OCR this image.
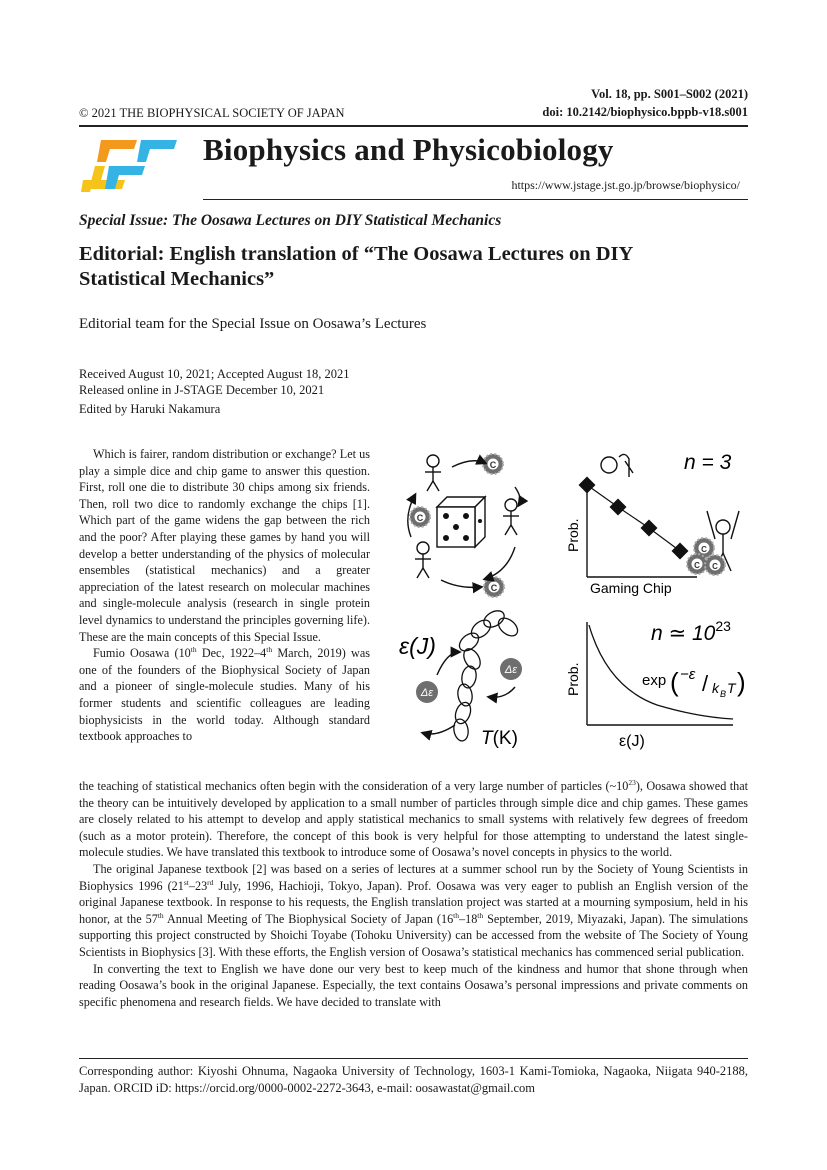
© 2021 THE BIOPHYSICAL SOCIETY OF JAPAN
Vol. 18, pp. S001–S002 (2021)
doi: 10.2142/biophysico.bppb-v18.s001
Biophysics and Physicobiology
https://www.jstage.jst.go.jp/browse/biophysico/
Special Issue: The Oosawa Lectures on DIY Statistical Mechanics
Editorial: English translation of “The Oosawa Lectures on DIY
Statistical Mechanics”
Editorial team for the Special Issue on Oosawa’s Lectures
Received August 10, 2021; Accepted August 18, 2021
Released online in J-STAGE December 10, 2021
Edited by Haruki Nakamura

Which is fairer, random distribution or exchange? Let us play a simple dice and chip game to answer this question. First, roll one die to distribute 30 chips among six friends. Then, roll two dice to randomly exchange the chips [1]. Which part of the game widens the gap between the rich and the poor? After playing these games by hand you will develop a better understanding of the physics of molecular ensembles (statistical mechanics) and a greater appreciation of the latest research on molecular machines and single-molecule analysis (research in single protein level dynamics to understand the principles governing life). These are the main concepts of this Special Issue.

Fumio Oosawa (10th Dec, 1922–4th March, 2019) was one of the founders of the Biophysical Society of Japan and a pioneer of single-molecule studies. Many of his former students and scientific colleagues are leading biophysicists in the world today. Although standard textbook approaches to

C
C
C
n = 3
Prob.
Gaming Chip
C
C C
ε(J)
Δε
Δε
T(K)
n ≃ $10^{23}$
Prob.	exp ( −ε / k B T )
ε(J)

the teaching of statistical mechanics often begin with the consideration of a very large number of particles $(\sim 10^{23})$, Oosawa showed that the theory can be intuitively developed by application to a small number of particles through simple dice and chip games. These games are closely related to his attempt to develop and apply statistical mechanics to small systems with relatively few degrees of freedom (such as a motor protein). Therefore, the concept of this book is very helpful for those attempting to understand the latest single-molecule studies. We have translated this textbook to introduce some of Oosawa’s novel concepts in physics to the world.

The original Japanese textbook [2] was based on a series of lectures at a summer school run by the Society of Young Scientists in Biophysics 1996 (21st–23rd July, 1996, Hachioji, Tokyo, Japan). Prof. Oosawa was very eager to publish an English version of the original Japanese textbook. In response to his requests, the English translation project was started at a mourning symposium, held in his honor, at the 57th Annual Meeting of The Biophysical Society of Japan (16th–18th September, 2019, Miyazaki, Japan). The simulations supporting this project constructed by Shoichi Toyabe (Tohoku University) can be accessed from the website of The Society of Young Scientists in Biophysics [3]. With these efforts, the English version of Oosawa’s statistical mechanics has commenced serial publication.

In converting the text to English we have done our very best to keep much of the kindness and humor that shone through when reading Oosawa’s book in the original Japanese. Especially, the text contains Oosawa’s personal impressions and private comments on specific phenomena and research fields. We have decided to translate with

Corresponding author: Kiyoshi Ohnuma, Nagaoka University of Technology, 1603-1 Kami-Tomioka, Nagaoka, Niigata 940-2188, Japan. ORCID iD: https://orcid.org/0000-0002-2272-3643, e-mail: oosawastat@gmail.com
